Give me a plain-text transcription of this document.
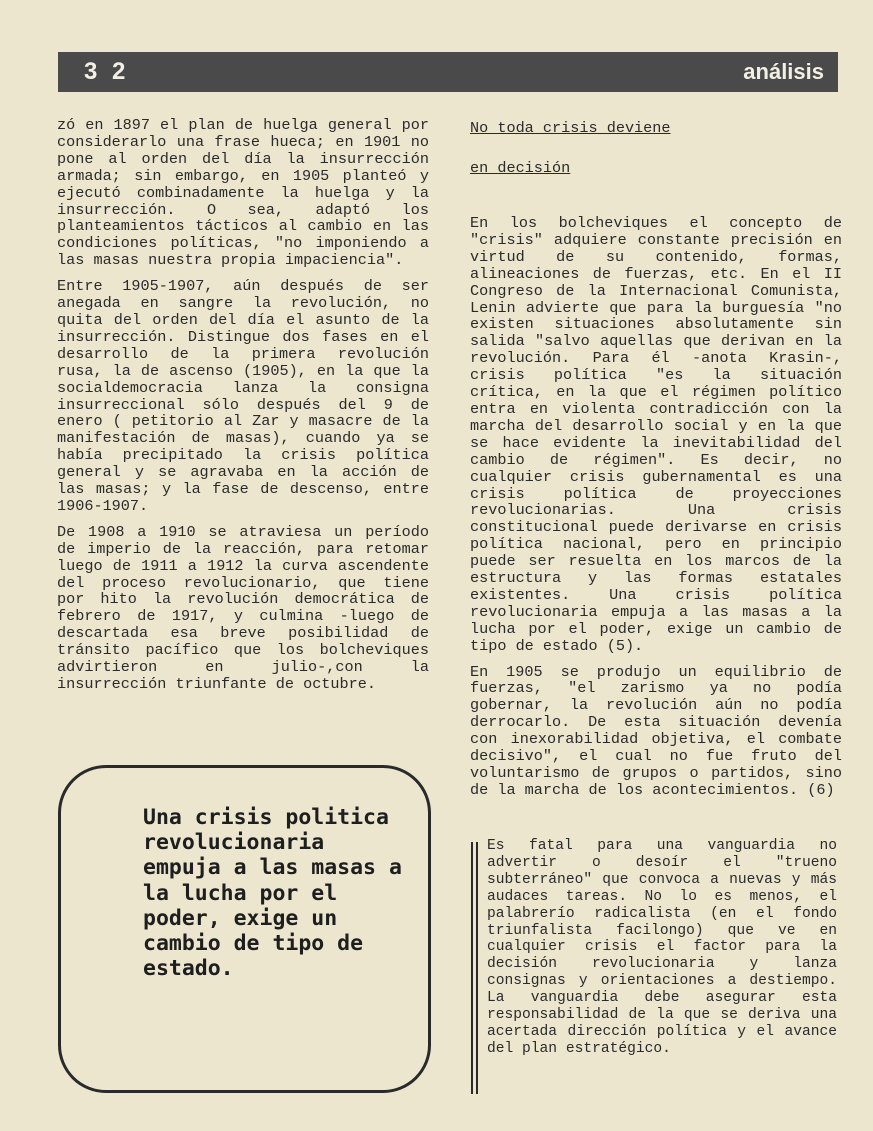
3 2	análisis

zó en 1897 el plan de huelga general por considerarlo una frase hueca; en 1901 no pone al orden del día la insurrección armada; sin embargo, en 1905 planteó y ejecutó combinadamente la huelga y la insurrección. O sea, adaptó los planteamientos tácticos al cambio en las condiciones políticas, "no imponiendo a las masas nuestra propia impaciencia".

Entre 1905-1907, aún después de ser anegada en sangre la revolución, no quita del orden del día el asunto de la insurrección. Distingue dos fases en el desarrollo de la primera revolución rusa, la de ascenso (1905), en la que la socialdemocracia lanza la consigna insurreccional sólo después del 9 de enero ( petitorio al Zar y masacre de la manifestación de masas), cuando ya se había precipitado la crisis política general y se agravaba en la acción de las masas; y la fase de descenso, entre 1906-1907.

De 1908 a 1910 se atraviesa un período de imperio de la reacción, para retomar luego de 1911 a 1912 la curva ascendente del proceso revolucionario, que tiene por hito la revolución democrática de febrero de 1917, y culmina -luego de descartada esa breve posibilidad de tránsito pacífico que los bolcheviques advirtieron en julio-,con la insurrección triunfante de octubre.

Una crisis politica revolucionaria empuja a las masas a la lucha por el poder, exige un cambio de tipo de estado.
No toda crisis deviene
en decisión

En los bolcheviques el concepto de "crisis" adquiere constante precisión en virtud de su contenido, formas, alineaciones de fuerzas, etc. En el II Congreso de la Internacional Comunista, Lenin advierte que para la burguesía "no existen situaciones absolutamente sin salida "salvo aquellas que derivan en la revolución. Para él -anota Krasin-, crisis política "es la situación crítica, en la que el régimen político entra en violenta contradicción con la marcha del desarrollo social y en la que se hace evidente la inevitabilidad del cambio de régimen". Es decir, no cualquier crisis gubernamental es una crisis política de proyecciones revolucionarias. Una crisis constitucional puede derivarse en crisis política nacional, pero en principio puede ser resuelta en los marcos de la estructura y las formas estatales existentes. Una crisis política revolucionaria empuja a las masas a la lucha por el poder, exige un cambio de tipo de estado (5).

En 1905 se produjo un equilibrio de fuerzas, "el zarismo ya no podía gobernar, la revolución aún no podía derrocarlo. De esta situación devenía con inexorabilidad objetiva, el combate decisivo", el cual no fue fruto del voluntarismo de grupos o partidos, sino de la marcha de los acontecimientos. (6)

Es fatal para una vanguardia no advertir o desoír el "trueno subterráneo" que convoca a nuevas y más audaces tareas. No lo es menos, el palabrerío radicalista (en el fondo triunfalista facilongo) que ve en cualquier crisis el factor para la decisión revolucionaria y lanza consignas y orientaciones a destiempo. La vanguardia debe asegurar esta responsabilidad de la que se deriva una acertada dirección política y el avance del plan estratégico.
